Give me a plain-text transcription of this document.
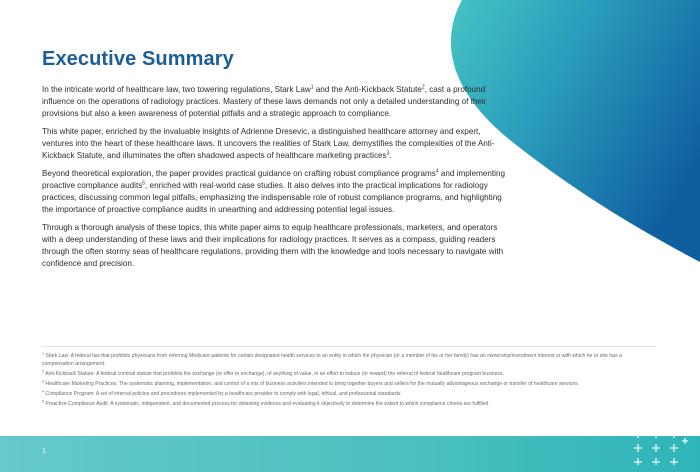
Executive Summary

In the intricate world of healthcare law, two towering regulations, Stark Law$^1$ and the Anti-Kickback Statute$^2$, cast a profound influence on the operations of radiology practices. Mastery of these laws demands not only a detailed understanding of their provisions but also a keen awareness of potential pitfalls and a strategic approach to compliance.

This white paper, enriched by the invaluable insights of Adrienne Dresevic, a distinguished healthcare attorney and expert, ventures into the heart of these healthcare laws. It uncovers the realities of Stark Law, demystifies the complexities of the Anti-Kickback Statute, and illuminates the often shadowed aspects of healthcare marketing practices$^3$.

Beyond theoretical exploration, the paper provides practical guidance on crafting robust compliance programs$^4$ and implementing proactive compliance audits$^5$, enriched with real-world case studies. It also delves into the practical implications for radiology practices, discussing common legal pitfalls, emphasizing the indispensable role of robust compliance programs, and highlighting the importance of proactive compliance audits in unearthing and addressing potential legal issues.

Through a thorough analysis of these topics, this white paper aims to equip healthcare professionals, marketers, and operators with a deep understanding of these laws and their implications for radiology practices. It serves as a compass, guiding readers through the often stormy seas of healthcare regulations, providing them with the knowledge and tools necessary to navigate with confidence and precision.

$^1$ Stark Law: A federal law that prohibits physicians from referring Medicare patients for certain designated health services to an entity in which the physician (or a member of his or her family) has an ownership/investment interest or with which he or she has a compensation arrangement.

$^2$ Anti-Kickback Statute: A federal criminal statute that prohibits the exchange (or offer to exchange), of anything of value, in an effort to induce (or reward) the referral of federal healthcare program business.

$^3$ Healthcare Marketing Practices: The systematic planning, implementation, and control of a mix of business activities intended to bring together buyers and sellers for the mutually advantageous exchange or transfer of healthcare services.

$^4$ Compliance Program: A set of internal policies and procedures implemented by a healthcare provider to comply with legal, ethical, and professional standards.

$^5$ Proactive Compliance Audit: A systematic, independent, and documented process for obtaining evidence and evaluating it objectively to determine the extent to which compliance criteria are fulfilled.

1
